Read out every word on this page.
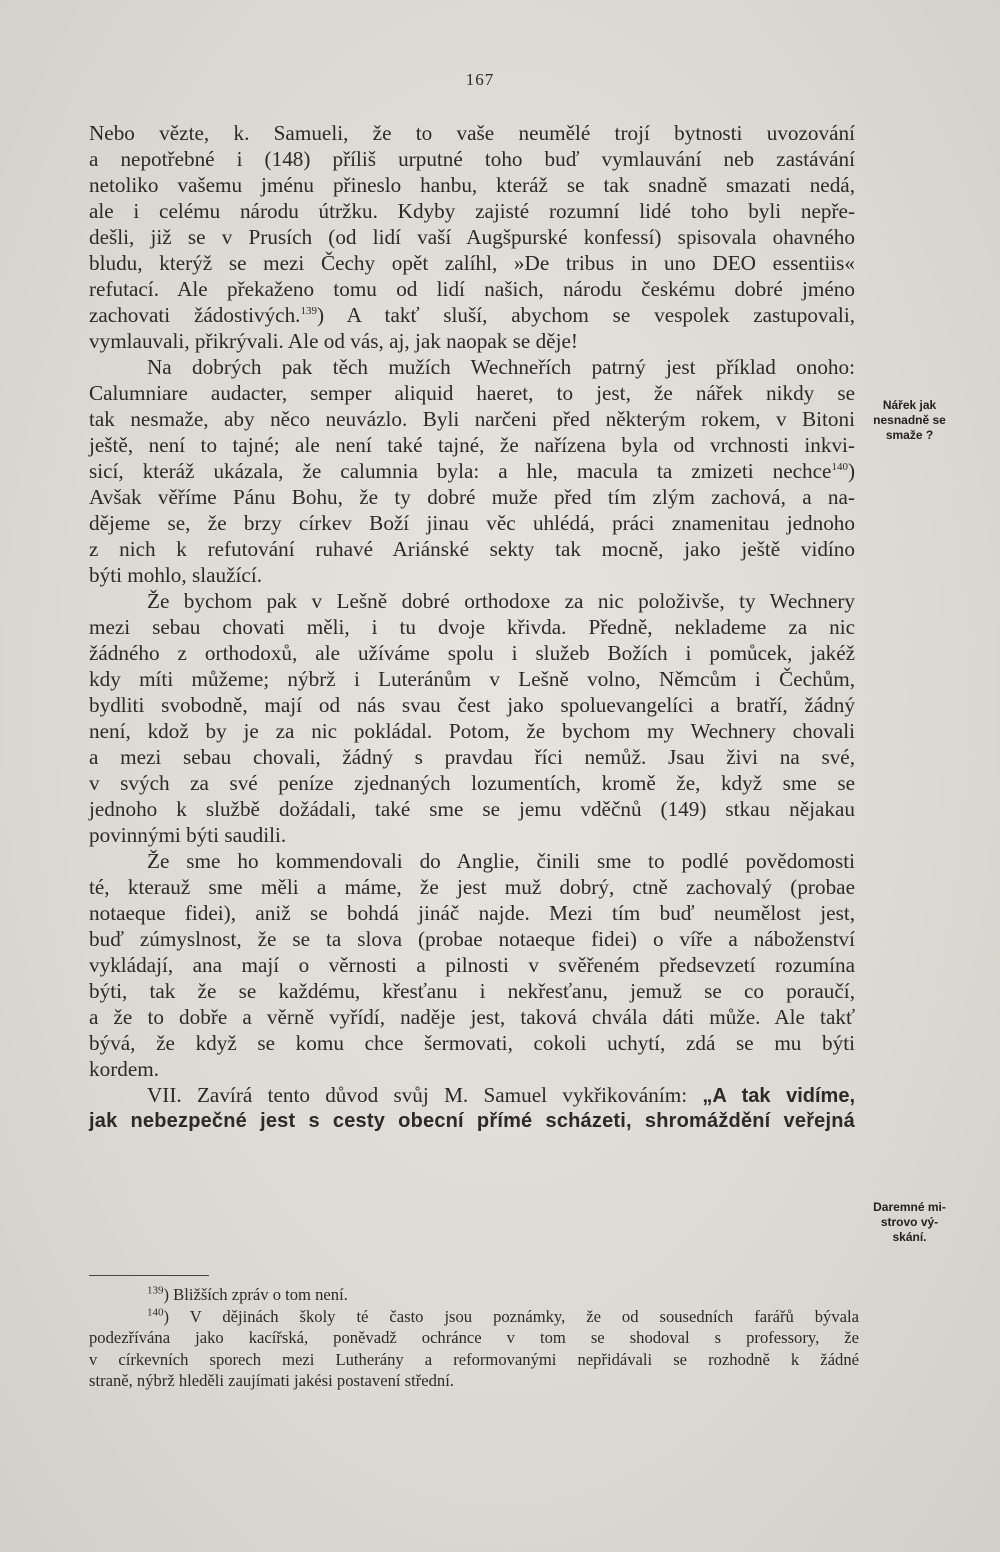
167
Nebo vězte, k. Samueli, že to vaše neumělé trojí bytnosti uvozování
a nepotřebné i (148) příliš urputné toho buď vymlauvání neb zastávání
netoliko vašemu jménu přineslo hanbu, kteráž se tak snadně smazati nedá,
ale i celému národu útržku. Kdyby zajisté rozumní lidé toho byli nepře-
dešli, již se v Prusích (od lidí vaší Augšpurské konfessí) spisovala ohavného
bludu, kterýž se mezi Čechy opět zalíhl, »De tribus in uno DEO essentiis«
refutací. Ale překaženo tomu od lidí našich, národu českému dobré jméno
zachovati žádostivých.$^{139}$) A takť sluší, abychom se vespolek zastupovali,
vymlauvali, přikrývali. Ale od vás, aj, jak naopak se děje!
Na dobrých pak těch mužích Wechneřích patrný jest příklad onoho:
Calumniare audacter, semper aliquid haeret, to jest, že nářek nikdy se
tak nesmaže, aby něco neuvázlo. Byli narčeni před některým rokem, v Bitoni
ještě, není to tajné; ale není také tajné, že nařízena byla od vrchnosti inkvi-
sicí, kteráž ukázala, že calumnia byla: a hle, macula ta zmizeti nechce$^{140}$)
Avšak věříme Pánu Bohu, že ty dobré muže před tím zlým zachová, a na-
dějeme se, že brzy církev Boží jinau věc uhlédá, práci znamenitau jednoho
z nich k refutování ruhavé Ariánské sekty tak mocně, jako ještě vidíno
býti mohlo, slaužící.
Že bychom pak v Lešně dobré orthodoxe za nic položivše, ty Wechnery
mezi sebau chovati měli, i tu dvoje křivda. Předně, neklademe za nic
žádného z orthodoxů, ale užíváme spolu i služeb Božích i pomůcek, jakéž
kdy míti můžeme; nýbrž i Luteránům v Lešně volno, Němcům i Čechům,
bydliti svobodně, mají od nás svau čest jako spoluevangelíci a bratří, žádný
není, kdož by je za nic pokládal. Potom, že bychom my Wechnery chovali
a mezi sebau chovali, žádný s pravdau říci nemůž. Jsau živi na své,
v svých za své peníze zjednaných lozumentích, kromě že, když sme se
jednoho k službě dožádali, také sme se jemu vděčnů (149) stkau nějakau
povinnými býti saudili.
Že sme ho kommendovali do Anglie, činili sme to podlé povědomosti
té, kterauž sme měli a máme, že jest muž dobrý, ctně zachovalý (probae
notaeque fidei), aniž se bohdá jináč najde. Mezi tím buď neumělost jest,
buď zúmyslnost, že se ta slova (probae notaeque fidei) o víře a náboženství
vykládají, ana mají o věrnosti a pilnosti v svěřeném předsevzetí rozumína
býti, tak že se každému, křesťanu i nekřesťanu, jemuž se co poraučí,
a že to dobře a věrně vyřídí, naděje jest, taková chvála dáti může. Ale takť
bývá, že když se komu chce šermovati, cokoli uchytí, zdá se mu býti
kordem.
VII. Zavírá tento důvod svůj M. Samuel vykřikováním: „A tak vidíme,
jak nebezpečné jest s cesty obecní přímé scházeti, shromáždění veřejná
Nářek jak
nesnadně se
smaže ?
Daremné mi-
strovo vý-
skání.
$^{139}$) Bližších zpráv o tom není.
$^{140}$) V dějinách školy té často jsou poznámky, že od sousedních farářů bývala
podezřívána jako kacířská, poněvadž ochránce v tom se shodoval s professory, že
v církevních sporech mezi Lutherány a reformovanými nepřidávali se rozhodně k žádné
straně, nýbrž hleděli zaujímati jakési postavení střední.
